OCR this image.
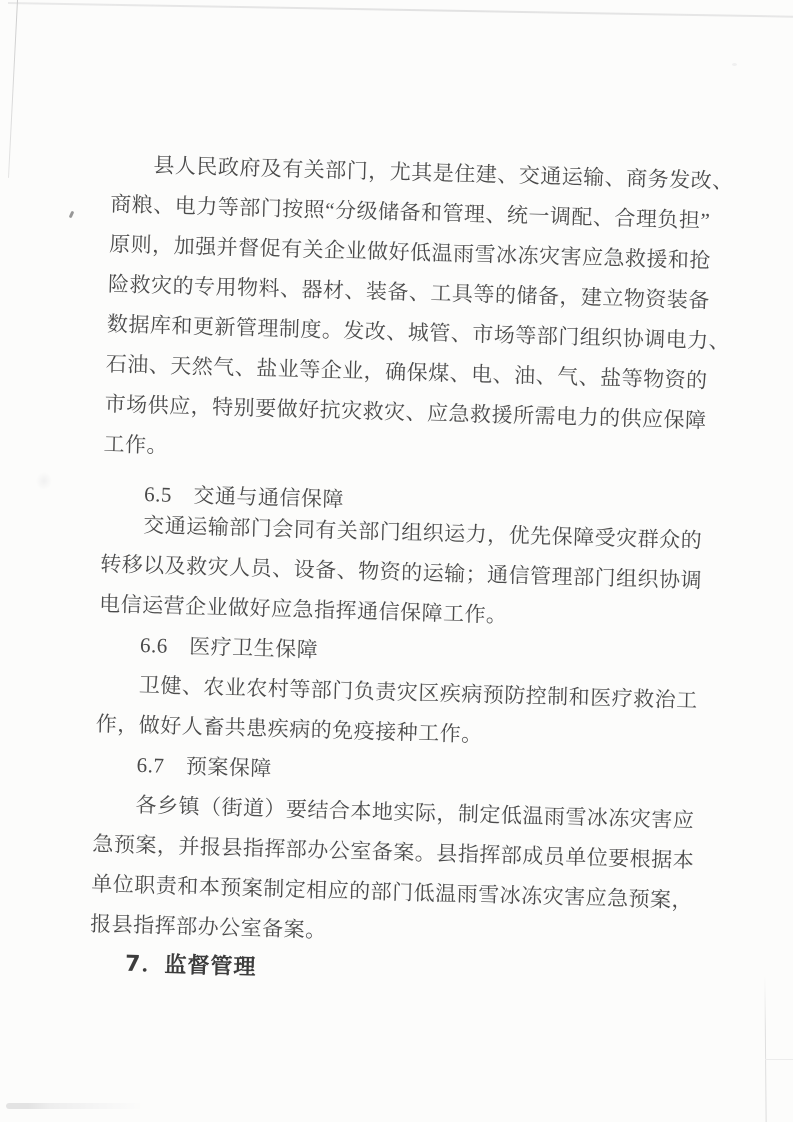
县人民政府及有关部门，尤其是住建、交通运输、商务发改、
商粮、电力等部门按照“分级储备和管理、统一调配、合理负担”
原则，加强并督促有关企业做好低温雨雪冰冻灾害应急救援和抢
险救灾的专用物料、器材、装备、工具等的储备，建立物资装备
数据库和更新管理制度。发改、城管、市场等部门组织协调电力、
石油、天然气、盐业等企业，确保煤、电、油、气、盐等物资的
市场供应，特别要做好抗灾救灾、应急救援所需电力的供应保障
工作。
6.5　交通与通信保障
交通运输部门会同有关部门组织运力，优先保障受灾群众的
转移以及救灾人员、设备、物资的运输；通信管理部门组织协调
电信运营企业做好应急指挥通信保障工作。
6.6　医疗卫生保障
卫健、农业农村等部门负责灾区疾病预防控制和医疗救治工
作，做好人畜共患疾病的免疫接种工作。
6.7　预案保障
各乡镇（街道）要结合本地实际，制定低温雨雪冰冻灾害应
急预案，并报县指挥部办公室备案。县指挥部成员单位要根据本
单位职责和本预案制定相应的部门低温雨雪冰冻灾害应急预案，
报县指挥部办公室备案。
7．监督管理
